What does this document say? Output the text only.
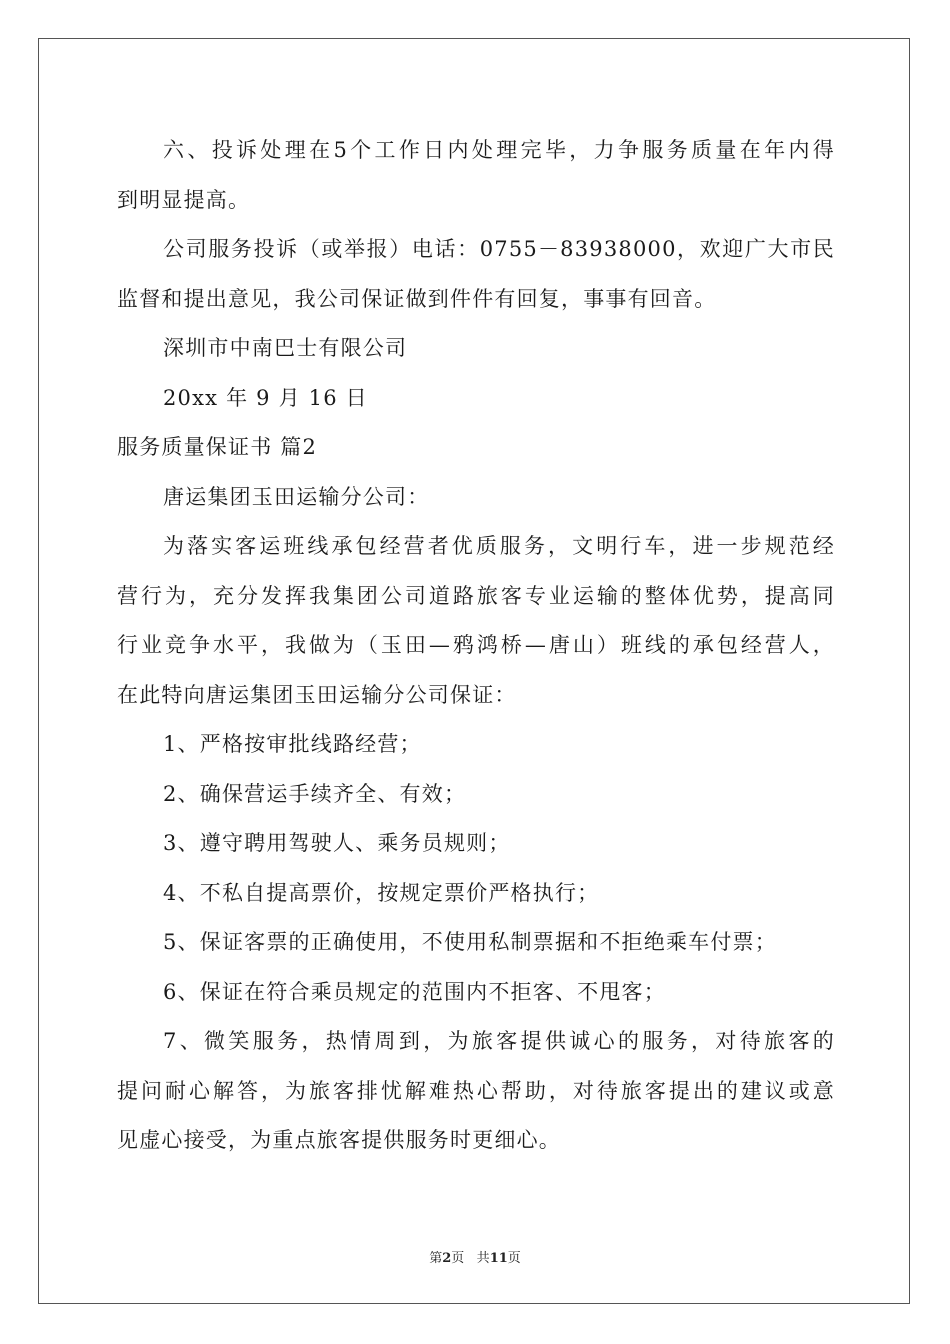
六、投诉处理在5个工作日内处理完毕，力争服务质量在年内得
到明显提高。
公司服务投诉（或举报）电话：0755－83938000，欢迎广大市民
监督和提出意见，我公司保证做到件件有回复，事事有回音。
深圳市中南巴士有限公司
20xx 年 9 月 16 日
服务质量保证书 篇2
唐运集团玉田运输分公司：
为落实客运班线承包经营者优质服务，文明行车，进一步规范经
营行为，充分发挥我集团公司道路旅客专业运输的整体优势，提高同
行业竞争水平，我做为（玉田—鸦鸿桥—唐山）班线的承包经营人，
在此特向唐运集团玉田运输分公司保证：
1、严格按审批线路经营；
2、确保营运手续齐全、有效；
3、遵守聘用驾驶人、乘务员规则；
4、不私自提高票价，按规定票价严格执行；
5、保证客票的正确使用，不使用私制票据和不拒绝乘车付票；
6、保证在符合乘员规定的范围内不拒客、不甩客；
7、微笑服务，热情周到，为旅客提供诚心的服务，对待旅客的
提问耐心解答，为旅客排忧解难热心帮助，对待旅客提出的建议或意
见虚心接受，为重点旅客提供服务时更细心。
第2页 共11页
